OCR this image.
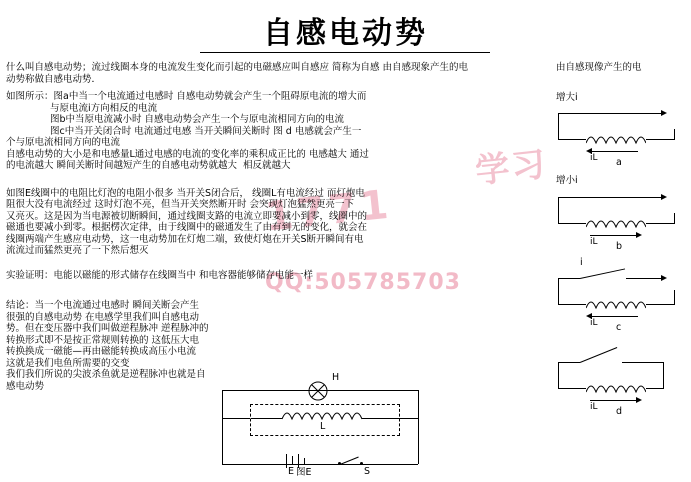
自感电动势
学习
1771
QQ:505785703
什么叫自感电动势；流过线圈本身的电流发生变化而引起的电磁感应叫自感应 简称为自感 由自感现象产生的电
动势称做自感电动势．
如图所示：图a中当一个电流通过电感时 自感电动势就会产生一个阻碍原电流的增大而
与原电流i方向相反的电流
图b中当原电流减小时 自感电动势会产生一个与原电流相同方向的电流
图c中当开关闭合时 电流通过电感 当开关瞬间关断时 图 d 电感就会产生一
个与原电流相同方向的电流
自感电动势的大小是和电感量L通过电感的电流的变化率的乘积成正比的 电感越大 通过
的电流越大 瞬间关断时间越短产生的自感电动势就越大  相反就越大
如图E线圈中的电阻比灯泡的电阻小很多 当开关S闭合后， 线圈L有电流经过 而灯炮电
阻很大没有电流经过 这时灯泡不亮，但当开关突然断开时 会突现灯泡猛然更亮一下
又亮灭。这是因为当电源被切断瞬间，通过线圈支路的电流立即要减小到零，线圈中的
磁通也要减小到零。根据楞次定律，由于线圈中的磁通发生了由有到无的变化，就会在
线圈两端产生感应电动势，这一电动势加在灯炮二端，致使灯炮在开关S断开瞬间有电
流流过而猛然更亮了一下然后想灭
实验证明：电能以磁能的形式储存在线圈当中 和电容器能够储存电能一样
结论：当一个电流通过电感时 瞬间关断会产生
很强的自感电动势 在电感学里我们叫自感电动
势。但在变压器中我们叫做逆程脉冲 逆程脉冲的
转换形式即不是按正常规则转换的 这低压大电
转换换成一磁能—再由磁能转换成高压小电流
这就是我们电鱼所需要的交变
我们我们所说的尖波杀鱼就是逆程脉冲也就是自
感电动势
由自感现像产生的电
增大i
iL a
增小i
iL b
i
iL c
iL d
H
L
E	S
图E
